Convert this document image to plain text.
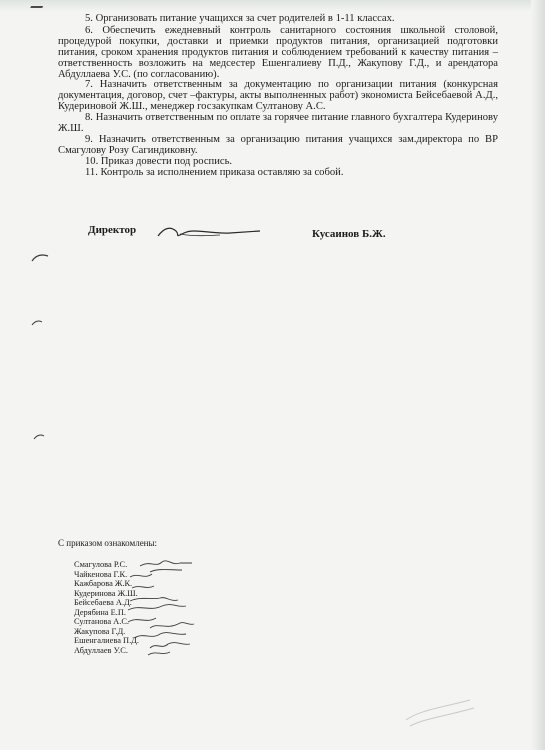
5. Организовать питание учащихся за счет родителей в 1-11 классах.

6. Обеспечить ежедневный контроль санитарного состояния школьной столовой, процедурой покупки, доставки и приемки продуктов питания, организацией подготовки питания, сроком хранения продуктов питания и соблюдением требований к качеству питания – ответственность возложить на медсестер Ешенгалиеву П.Д., Жакупову Г.Д., и арендатора Абдуллаева У.С. (по согласованию).

7. Назначить ответственным за документацию по организации питания (конкурсная документация, договор, счет –фактуры, акты выполненных работ) экономиста Бейсебаевой А.Д., Кудериновой Ж.Ш., менеджер госзакупкам Султанову А.С.

8. Назначить ответственным по оплате за горячее питание главного бухгалтера Кудеринову Ж.Ш.

9. Назначить ответственным за организацию питания учащихся зам.директора по ВР Смагулову Розу Сагиндиковну.

10. Приказ довести под роспись.

11. Контроль за исполнением приказа оставляю за собой.

Директор	Кусаинов Б.Ж.
С приказом ознакомлены:
Смагулова Р.С.
Чайкенова Г.К.
Кажбарова Ж.К.
Кудеринова Ж.Ш.
Бейсебаева А.Д.
Дерябина Е.П.
Султанова А.С.
Жакупова Г.Д.
Ешенгалиева П.Д.
Абдуллаев У.С.
